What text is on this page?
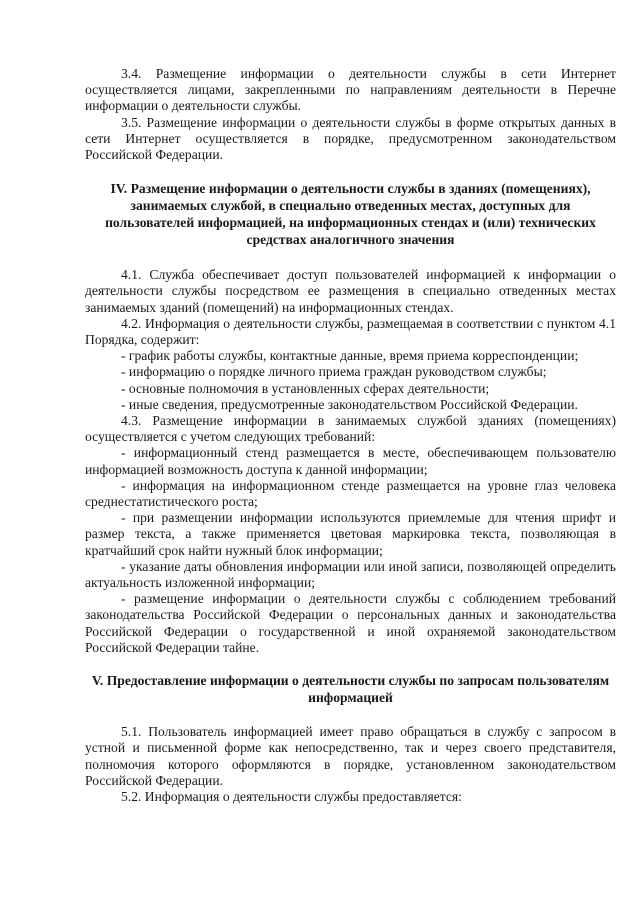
3.4. Размещение информации о деятельности службы в сети Интернет осуществляется лицами, закрепленными по направлениям деятельности в Перечне информации о деятельности службы.

3.5. Размещение информации о деятельности службы в форме открытых данных в сети Интернет осуществляется в порядке, предусмотренном законодательством Российской Федерации.

IV. Размещение информации о деятельности службы в зданиях (помещениях), занимаемых службой, в специально отведенных местах, доступных для пользователей информацией, на информационных стендах и (или) технических средствах аналогичного значения

4.1. Служба обеспечивает доступ пользователей информацией к информации о деятельности службы посредством ее размещения в специально отведенных местах занимаемых зданий (помещений) на информационных стендах.

4.2. Информация о деятельности службы, размещаемая в соответствии с пунктом 4.1 Порядка, содержит:

- график работы службы, контактные данные, время приема корреспонденции;

- информацию о порядке личного приема граждан руководством службы;

- основные полномочия в установленных сферах деятельности;

- иные сведения, предусмотренные законодательством Российской Федерации.

4.3. Размещение информации в занимаемых службой зданиях (помещениях) осуществляется с учетом следующих требований:

- информационный стенд размещается в месте, обеспечивающем пользователю информацией возможность доступа к данной информации;

- информация на информационном стенде размещается на уровне глаз человека среднестатистического роста;

- при размещении информации используются приемлемые для чтения шрифт и размер текста, а также применяется цветовая маркировка текста, позволяющая в кратчайший срок найти нужный блок информации;

- указание даты обновления информации или иной записи, позволяющей определить актуальность изложенной информации;

- размещение информации о деятельности службы с соблюдением требований законодательства Российской Федерации о персональных данных и законодательства Российской Федерации о государственной и иной охраняемой законодательством Российской Федерации тайне.

V. Предоставление информации о деятельности службы по запросам пользователям информацией

5.1. Пользователь информацией имеет право обращаться в службу с запросом в устной и письменной форме как непосредственно, так и через своего представителя, полномочия которого оформляются в порядке, установленном законодательством Российской Федерации.

5.2. Информация о деятельности службы предоставляется:
